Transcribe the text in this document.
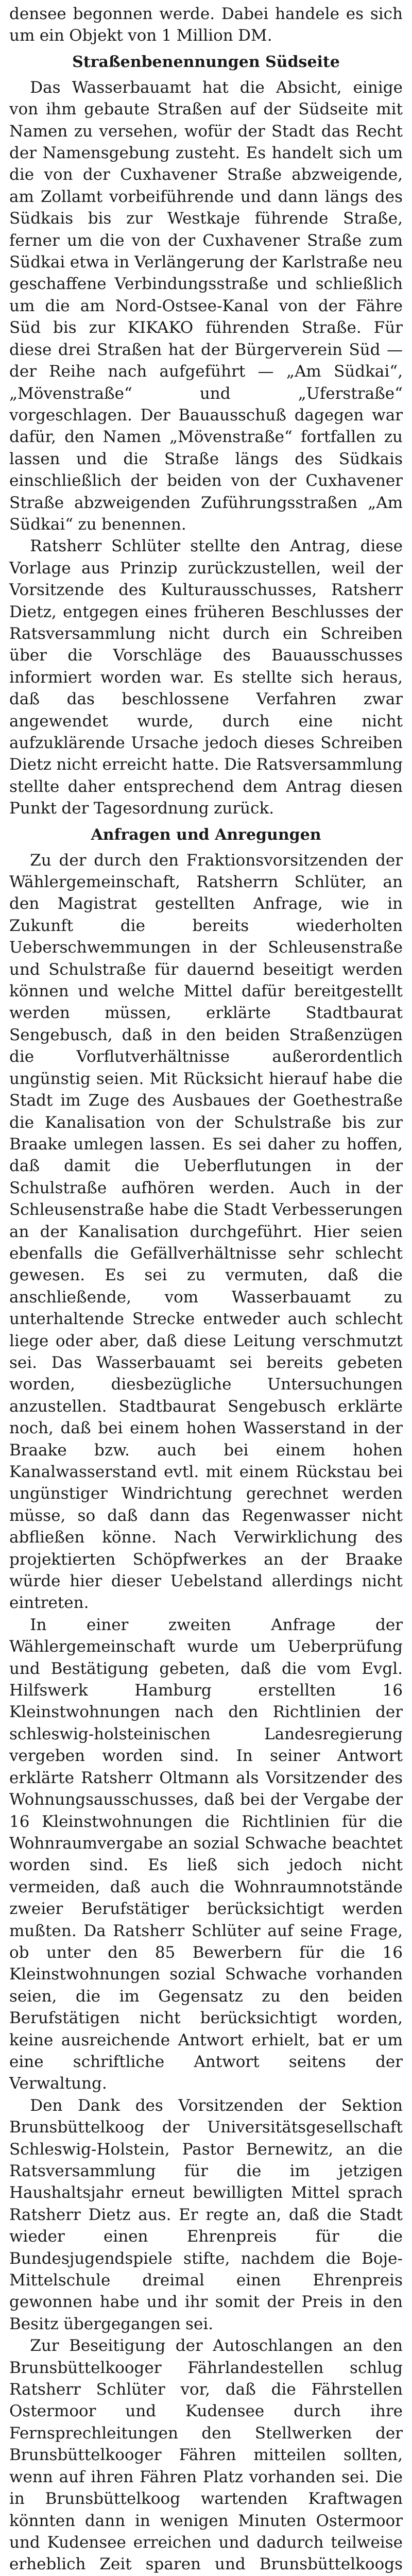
densee begonnen werde. Dabei handele es sich um ein Objekt von 1 Million DM.

Straßenbenennungen Südseite

Das Wasserbauamt hat die Absicht, einige von ihm gebaute Straßen auf der Südseite mit Namen zu versehen, wofür der Stadt das Recht der Namensgebung zusteht. Es handelt sich um die von der Cuxhavener Straße abzweigende, am Zollamt vorbeiführende und dann längs des Südkais bis zur Westkaje führende Straße, ferner um die von der Cuxhavener Straße zum Südkai etwa in Verlängerung der Karlstraße neu geschaffene Verbindungsstraße und schließlich um die am Nord-Ostsee-Kanal von der Fähre Süd bis zur KIKAKO führenden Straße. Für diese drei Straßen hat der Bürgerverein Süd — der Reihe nach aufgeführt — „Am Südkai“, „Mövenstraße“ und „Uferstraße“ vorgeschlagen. Der Bauausschuß dagegen war dafür, den Namen „Mövenstraße“ fortfallen zu lassen und die Straße längs des Südkais einschließlich der beiden von der Cuxhavener Straße abzweigenden Zuführungsstraßen „Am Südkai“ zu benennen.

Ratsherr Schlüter stellte den Antrag, diese Vorlage aus Prinzip zurückzustellen, weil der Vorsitzende des Kulturausschusses, Ratsherr Dietz, entgegen eines früheren Beschlusses der Ratsversammlung nicht durch ein Schreiben über die Vorschläge des Bauausschusses informiert worden war. Es stellte sich heraus, daß das beschlossene Verfahren zwar angewendet wurde, durch eine nicht aufzuklärende Ursache jedoch dieses Schreiben Dietz nicht erreicht hatte. Die Ratsversammlung stellte daher entsprechend dem Antrag diesen Punkt der Tagesordnung zurück.

Anfragen und Anregungen

Zu der durch den Fraktionsvorsitzenden der Wählergemeinschaft, Ratsherrn Schlüter, an den Magistrat gestellten Anfrage, wie in Zukunft die bereits wiederholten Ueberschwemmungen in der Schleusenstraße und Schulstraße für dauernd beseitigt werden können und welche Mittel dafür bereitgestellt werden müssen, erklärte Stadtbaurat Sengebusch, daß in den beiden Straßenzügen die Vorflutverhältnisse außerordentlich ungünstig seien. Mit Rücksicht hierauf habe die Stadt im Zuge des Ausbaues der Goethestraße die Kanalisation von der Schulstraße bis zur Braake umlegen lassen. Es sei daher zu hoffen, daß damit die Ueberflutungen in der Schulstraße aufhören werden. Auch in der Schleusenstraße habe die Stadt Verbesserungen an der Kanalisation durchgeführt. Hier seien ebenfalls die Gefällverhältnisse sehr schlecht gewesen. Es sei zu vermuten, daß die anschließende, vom Wasserbauamt zu unterhaltende Strecke entweder auch schlecht liege oder aber, daß diese Leitung verschmutzt sei. Das Wasserbauamt sei bereits gebeten worden, diesbezügliche Untersuchungen anzustellen. Stadtbaurat Sengebusch erklärte noch, daß bei einem hohen Wasserstand in der Braake bzw. auch bei einem hohen Kanalwasserstand evtl. mit einem Rückstau bei ungünstiger Windrichtung gerechnet werden müsse, so daß dann das Regenwasser nicht abfließen könne. Nach Verwirklichung des projektierten Schöpfwerkes an der Braake würde hier dieser Uebelstand allerdings nicht eintreten.

In einer zweiten Anfrage der Wählergemeinschaft wurde um Ueberprüfung und Bestätigung gebeten, daß die vom Evgl. Hilfswerk Hamburg erstellten 16 Kleinstwohnungen nach den Richtlinien der schleswig-holsteinischen Landesregierung vergeben worden sind. In seiner Antwort erklärte Ratsherr Oltmann als Vorsitzender des Wohnungsausschusses, daß bei der Vergabe der 16 Kleinstwohnungen die Richtlinien für die Wohnraumvergabe an sozial Schwache beachtet worden sind. Es ließ sich jedoch nicht vermeiden, daß auch die Wohnraumnotstände zweier Berufstätiger berücksichtigt werden mußten. Da Ratsherr Schlüter auf seine Frage, ob unter den 85 Bewerbern für die 16 Kleinstwohnungen sozial Schwache vorhanden seien, die im Gegensatz zu den beiden Berufstätigen nicht berücksichtigt worden, keine ausreichende Antwort erhielt, bat er um eine schriftliche Antwort seitens der Verwaltung.

Den Dank des Vorsitzenden der Sektion Brunsbüttelkoog der Universitätsgesellschaft Schleswig-Holstein, Pastor Bernewitz, an die Ratsversammlung für die im jetzigen Haushaltsjahr erneut bewilligten Mittel sprach Ratsherr Dietz aus. Er regte an, daß die Stadt wieder einen Ehrenpreis für die Bundesjugendspiele stifte, nachdem die Boje-Mittelschule dreimal einen Ehrenpreis gewonnen habe und ihr somit der Preis in den Besitz übergegangen sei.

Zur Beseitigung der Autoschlangen an den Brunsbüttelkooger Fährlandestellen schlug Ratsherr Schlüter vor, daß die Fährstellen Ostermoor und Kudensee durch ihre Fernsprechleitungen den Stellwerken der Brunsbüttelkooger Fähren mitteilen sollten, wenn auf ihren Fähren Platz vorhanden sei. Die in Brunsbüttelkoog wartenden Kraftwagen könnten dann in wenigen Minuten Ostermoor und Kudensee erreichen und dadurch teilweise erheblich Zeit sparen und Brunsbüttelkoogs
